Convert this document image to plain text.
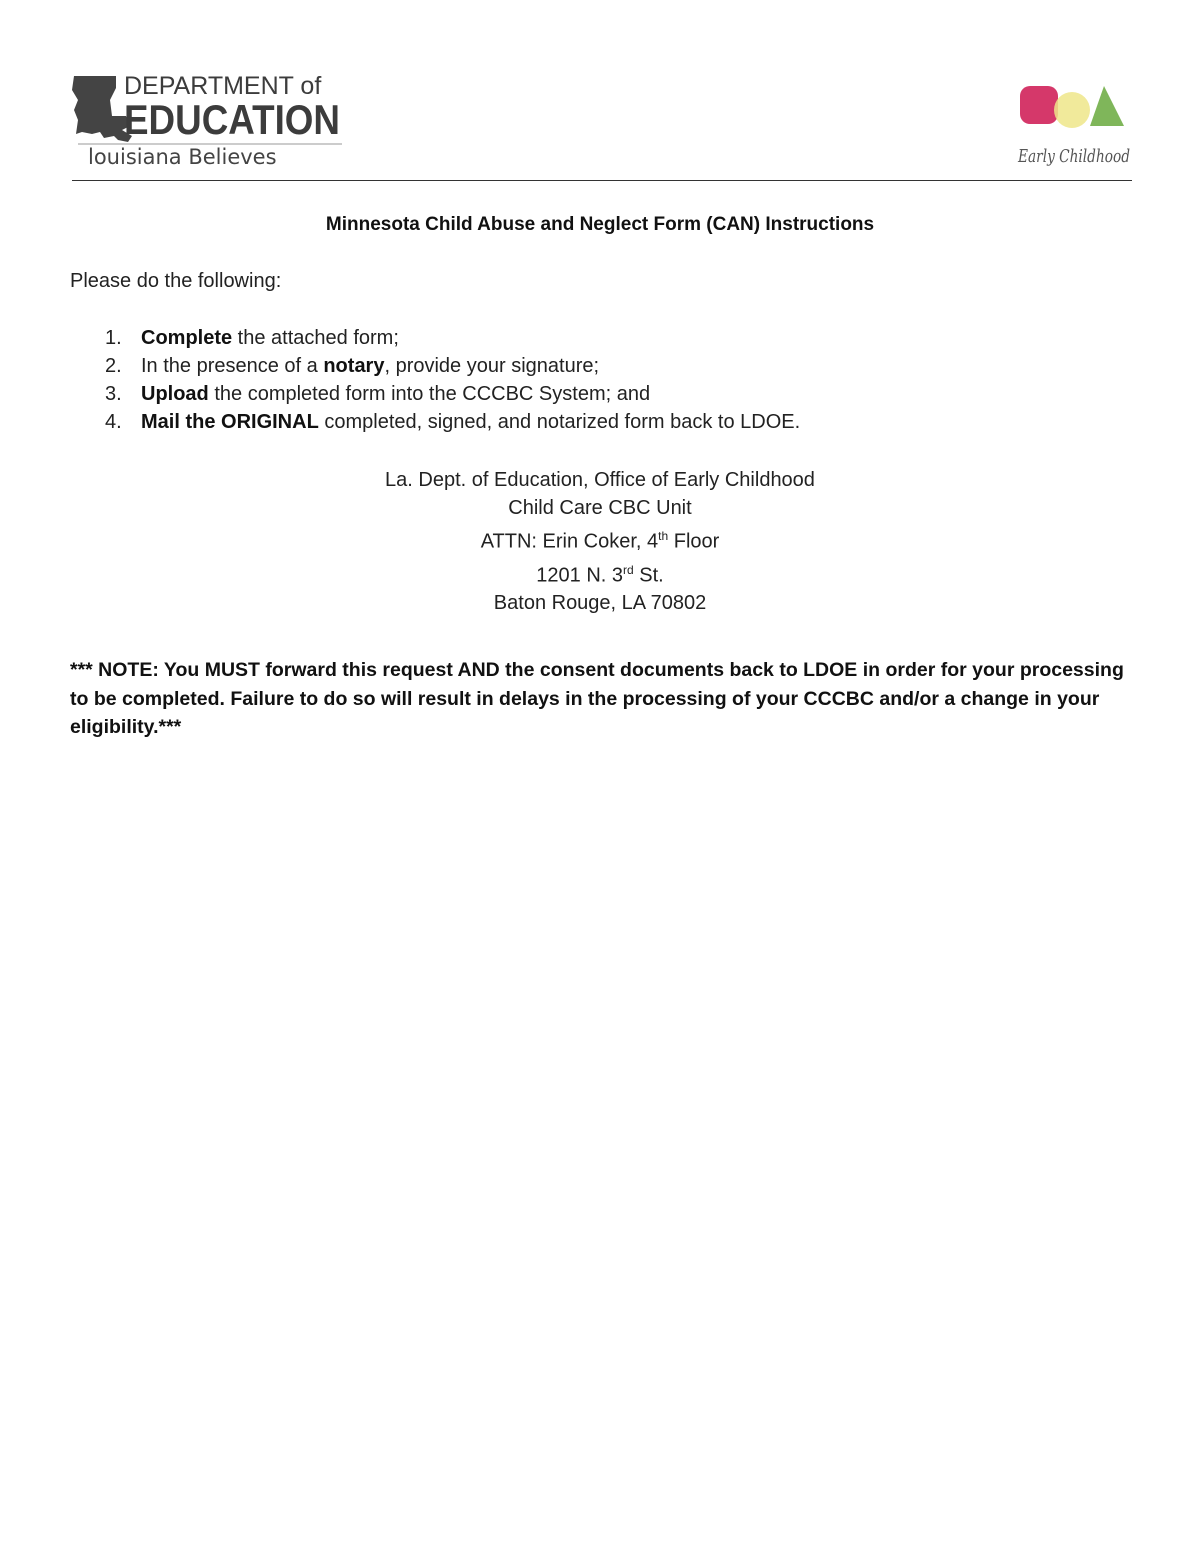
DEPARTMENT of
EDUCATION
louisiana Believes	Early Childhood
Minnesota Child Abuse and Neglect Form (CAN) Instructions
Please do the following:
1. Complete the attached form;
2. In the presence of a notary, provide your signature;
3. Upload the completed form into the CCCBC System; and
4. Mail the ORIGINAL completed, signed, and notarized form back to LDOE.
La. Dept. of Education, Office of Early Childhood
Child Care CBC Unit
ATTN: Erin Coker, 4th Floor
1201 N. 3rd St.
Baton Rouge, LA 70802
*** NOTE: You MUST forward this request AND the consent documents back to LDOE in order for your processing to be completed. Failure to do so will result in delays in the processing of your CCCBC and/or a change in your eligibility.***
